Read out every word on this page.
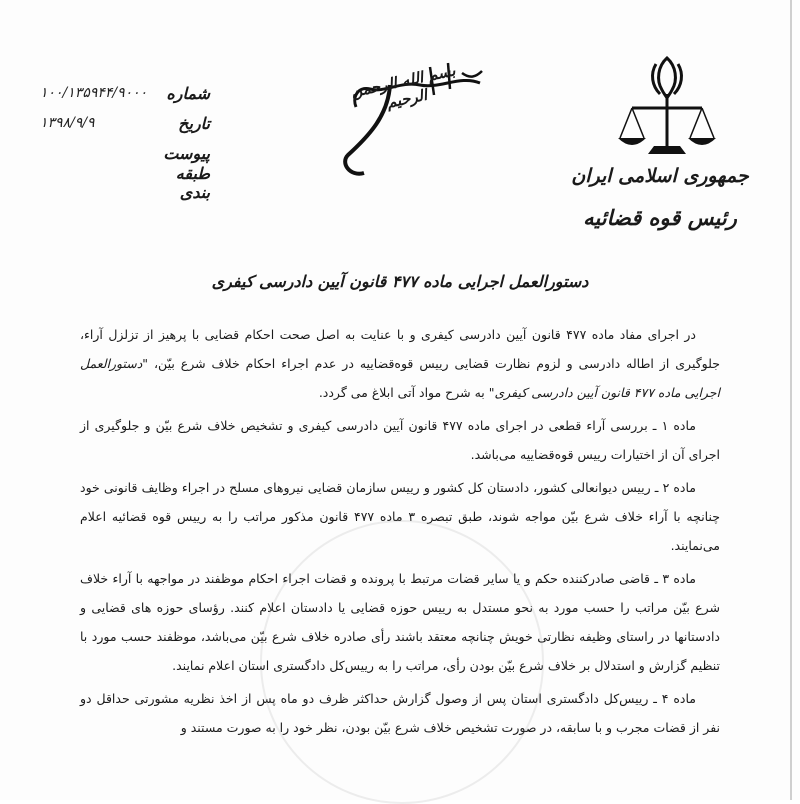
جمهوری اسلامی ایران
رئیس قوه قضائیه
بسم الله الرحمن الرحیم
شماره
۱۰۰/۱۳۵۹۴۴/۹۰۰۰
تاریخ
۱۳۹۸/۹/۹
پیوست
طبقه بندی
دستورالعمل اجرایی ماده ۴۷۷ قانون آیین دادرسی کیفری

در اجرای مفاد ماده ۴۷۷ قانون آیین دادرسی کیفری و با عنایت به اصل صحت احکام قضایی با پرهیز از تزلزل آراء، جلوگیری از اطاله دادرسی و لزوم نظارت قضایی رییس قوه‌قضاییه در عدم اجراء احکام خلاف شرع بیّن، "دستورالعمل اجرایی ماده ۴۷۷ قانون آیین دادرسی کیفری" به شرح مواد آتی ابلاغ می گردد.

ماده ۱ ـ بررسی آراء قطعی در اجرای ماده ۴۷۷ قانون آیین دادرسی کیفری و تشخیص خلاف شرع بیّن و جلوگیری از اجرای آن از اختیارات رییس قوه‌قضاییه می‌باشد.

ماده ۲ ـ رییس دیوانعالی کشور، دادستان کل کشور و رییس سازمان قضایی نیروهای مسلح در اجراء وظایف قانونی خود چنانچه با آراء خلاف شرع بیّن مواجه شوند، طبق تبصره ۳ ماده ۴۷۷ قانون مذکور مراتب را به رییس قوه قضائیه اعلام می‌نمایند.

ماده ۳ ـ قاضی صادرکننده حکم و یا سایر قضات مرتبط با پرونده و قضات اجراء احکام موظفند در مواجهه با آراء خلاف شرع بیّن مراتب را حسب مورد به نحو مستدل به رییس حوزه قضایی یا دادستان اعلام کنند. رؤسای حوزه های قضایی و دادستانها در راستای وظیفه نظارتی خویش چنانچه معتقد باشند رأی صادره خلاف شرع بیّن می‌باشد، موظفند حسب مورد با تنظیم گزارش و استدلال بر خلاف شرع بیّن بودن رأی، مراتب را به رییس‌کل دادگستری استان اعلام نمایند.

ماده ۴ ـ رییس‌کل دادگستری استان پس از وصول گزارش حداکثر ظرف دو ماه پس از اخذ نظریه مشورتی حداقل دو نفر از قضات مجرب و با سابقه، در صورت تشخیص خلاف شرع بیّن بودن، نظر خود را به صورت مستند و
